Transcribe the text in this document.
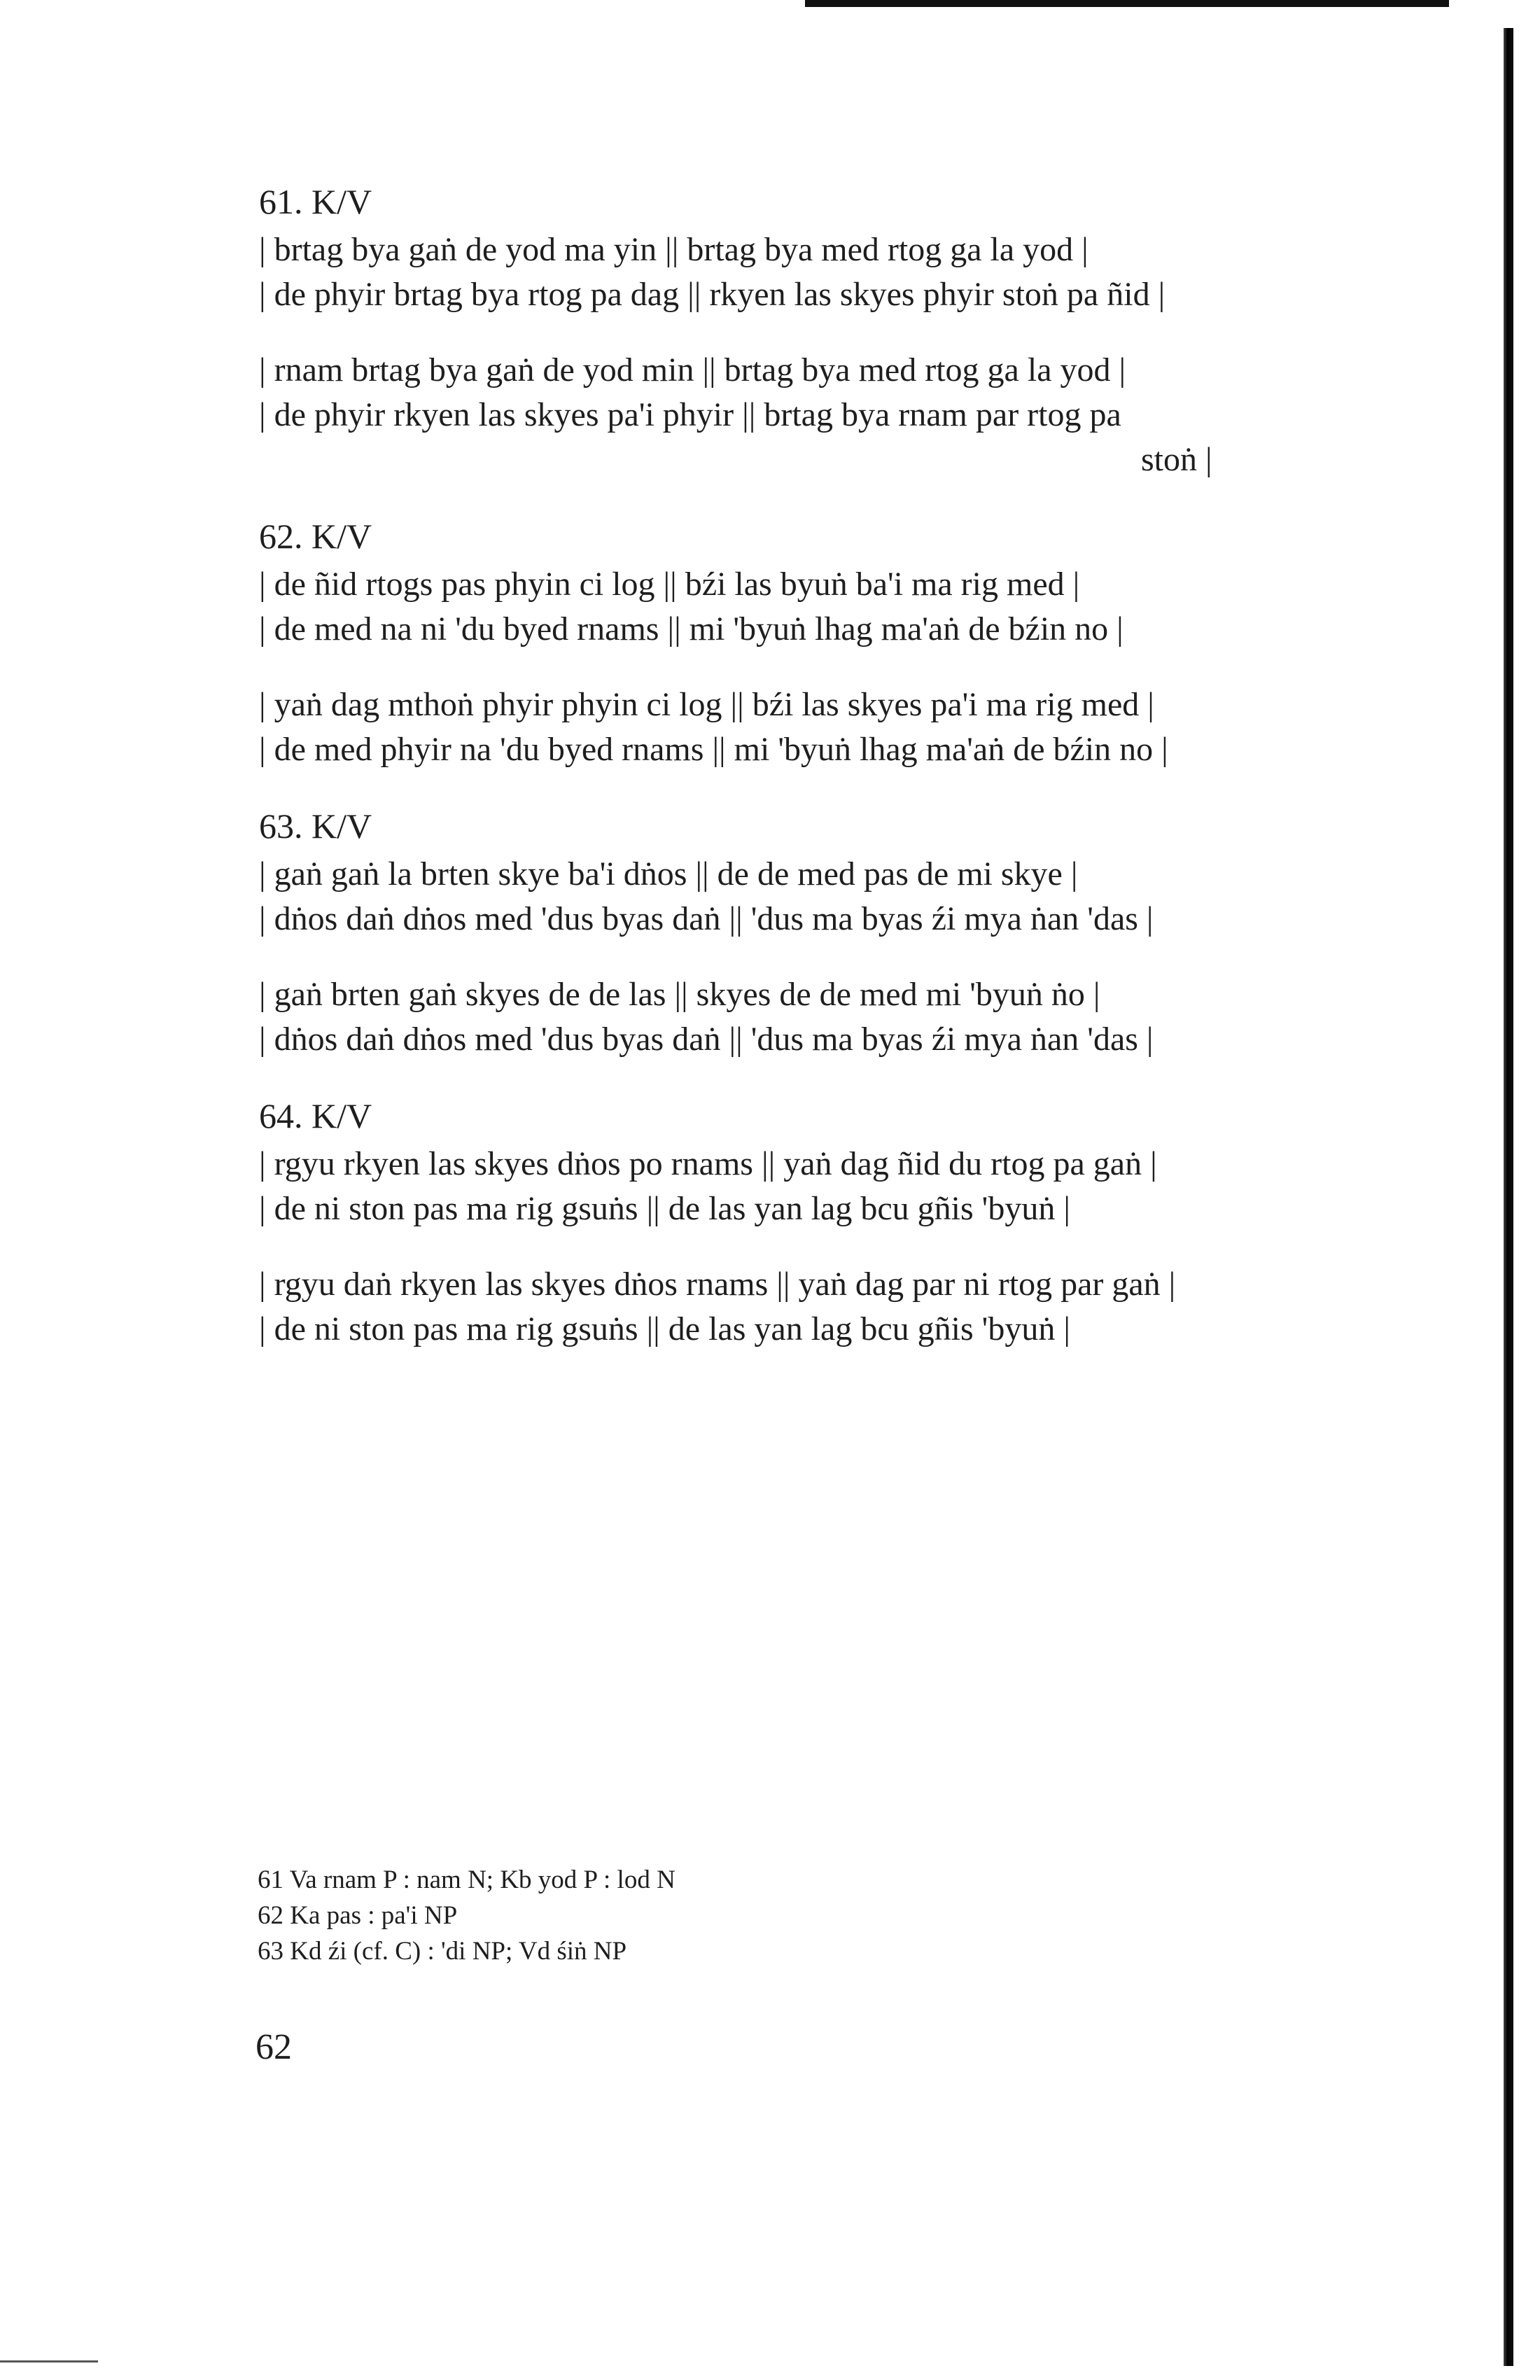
61. K/V
| brtag bya gaṅ de yod ma yin || brtag bya med rtog ga la yod |
| de phyir brtag bya rtog pa dag || rkyen las skyes phyir stoṅ pa ñid |
| rnam brtag bya gaṅ de yod min || brtag bya med rtog ga la yod |
| de phyir rkyen las skyes pa'i phyir || brtag bya rnam par rtog pa
stoṅ |
62. K/V
| de ñid rtogs pas phyin ci log || bźi las byuṅ ba'i ma rig med |
| de med na ni 'du byed rnams || mi 'byuṅ lhag ma'aṅ de bźin no |
| yaṅ dag mthoṅ phyir phyin ci log || bźi las skyes pa'i ma rig med |
| de med phyir na 'du byed rnams || mi 'byuṅ lhag ma'aṅ de bźin no |
63. K/V
| gaṅ gaṅ la brten skye ba'i dṅos || de de med pas de mi skye |
| dṅos daṅ dṅos med 'dus byas daṅ || 'dus ma byas źi mya ṅan 'das |
| gaṅ brten gaṅ skyes de de las || skyes de de med mi 'byuṅ ṅo |
| dṅos daṅ dṅos med 'dus byas daṅ || 'dus ma byas źi mya ṅan 'das |
64. K/V
| rgyu rkyen las skyes dṅos po rnams || yaṅ dag ñid du rtog pa gaṅ |
| de ni ston pas ma rig gsuṅs || de las yan lag bcu gñis 'byuṅ |
| rgyu daṅ rkyen las skyes dṅos rnams || yaṅ dag par ni rtog par gaṅ |
| de ni ston pas ma rig gsuṅs || de las yan lag bcu gñis 'byuṅ |
61 Va rnam P : nam N; Kb yod P : lod N
62 Ka pas : pa'i NP
63 Kd źi (cf. C) : 'di NP; Vd śiṅ NP
62
